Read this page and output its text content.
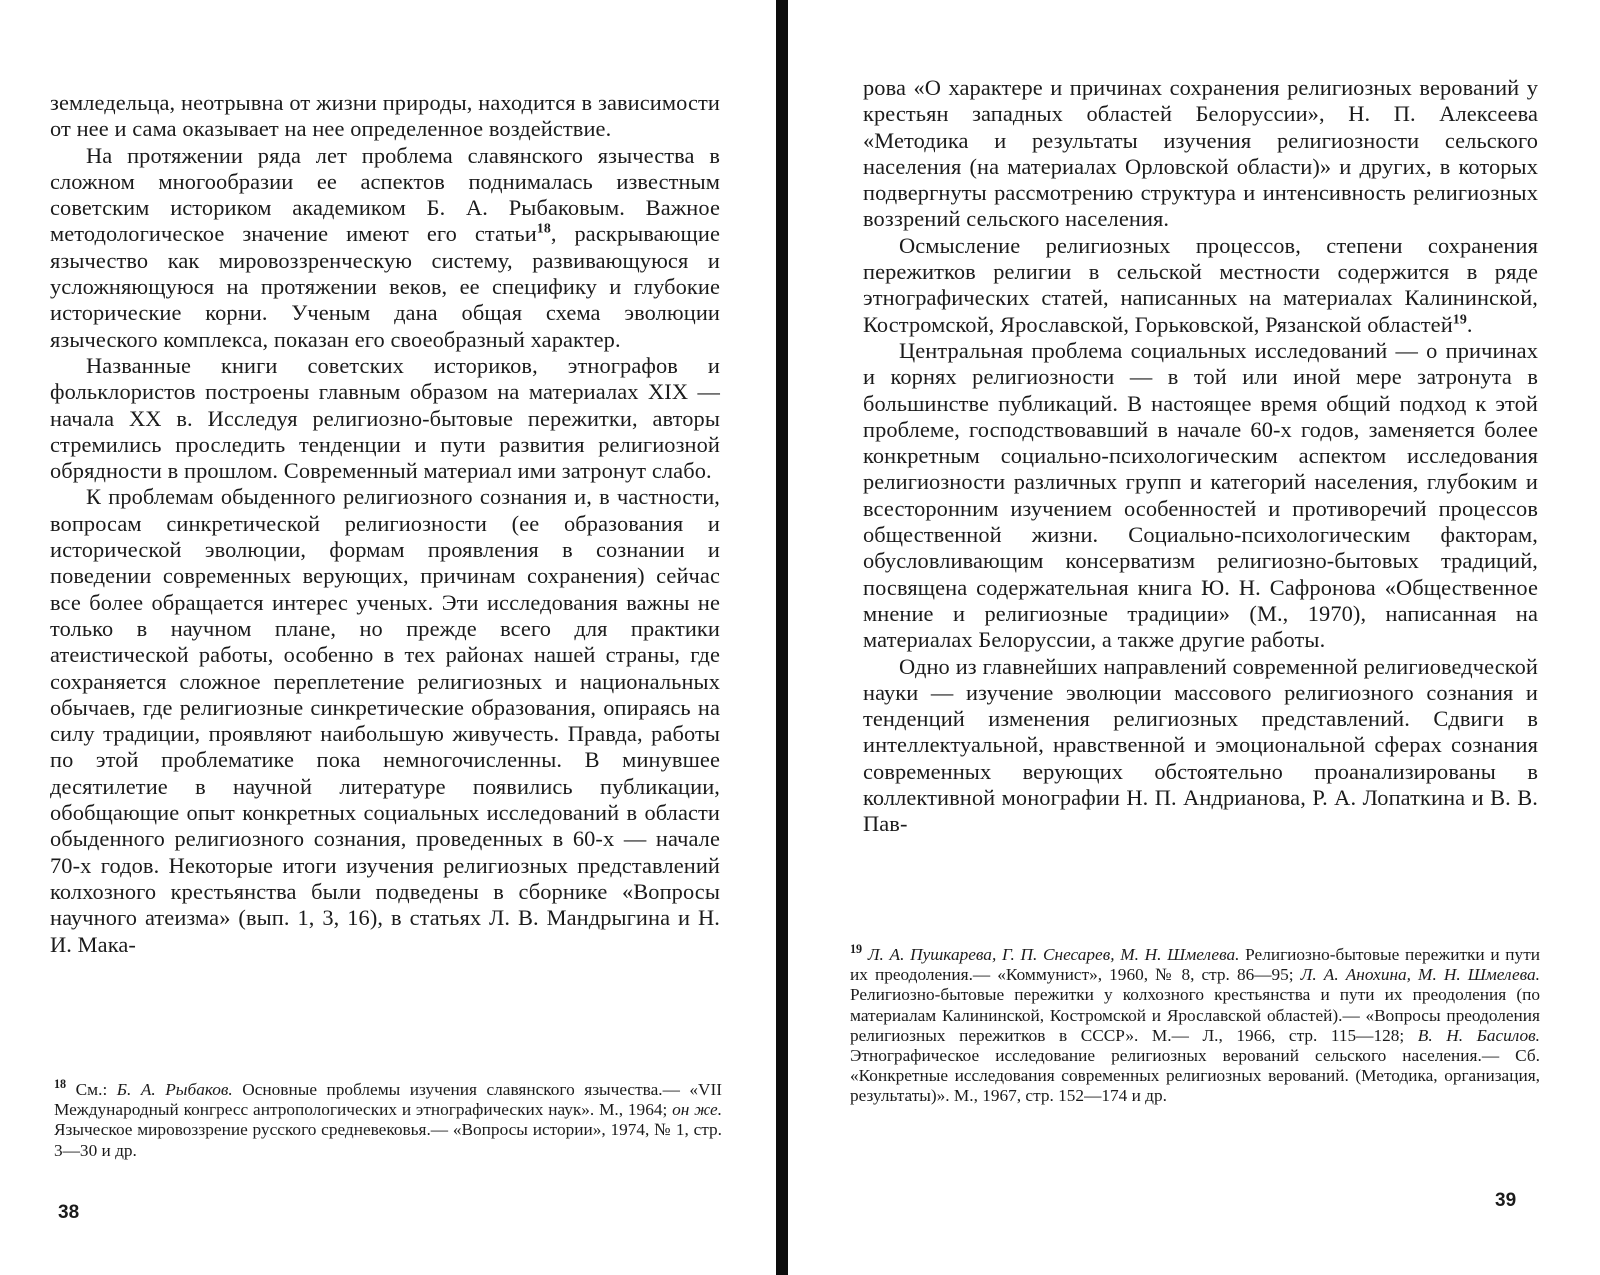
земледельца, неотрывна от жизни природы, находится в зависимости от нее и сама оказывает на нее определенное воздействие.

На протяжении ряда лет проблема славянского язычества в сложном многообразии ее аспектов поднималась известным советским историком академиком Б. А. Рыбаковым. Важное методологическое значение имеют его статьи$^{18}$, раскрывающие язычество как мировоззренческую систему, развивающуюся и усложняющуюся на протяжении веков, ее специфику и глубокие исторические корни. Ученым дана общая схема эволюции языческого комплекса, показан его своеобразный характер.

Названные книги советских историков, этнографов и фольклористов построены главным образом на материалах XIX — начала XX в. Исследуя религиозно-бытовые пережитки, авторы стремились проследить тенденции и пути развития религиозной обрядности в прошлом. Современный материал ими затронут слабо.

К проблемам обыденного религиозного сознания и, в частности, вопросам синкретической религиозности (ее образования и исторической эволюции, формам проявления в сознании и поведении современных верующих, причинам сохранения) сейчас все более обращается интерес ученых. Эти исследования важны не только в научном плане, но прежде всего для практики атеистической работы, особенно в тех районах нашей страны, где сохраняется сложное переплетение религиозных и национальных обычаев, где религиозные синкретические образования, опираясь на силу традиции, проявляют наибольшую живучесть. Правда, работы по этой проблематике пока немногочисленны. В минувшее десятилетие в научной литературе появились публикации, обобщающие опыт конкретных социальных исследований в области обыденного религиозного сознания, проведенных в 60-х — начале 70-х годов. Некоторые итоги изучения религиозных представлений колхозного крестьянства были подведены в сборнике «Вопросы научного атеизма» (вып. 1, 3, 16), в статьях Л. В. Мандрыгина и Н. И. Мака-

$^{18}$ См.: Б. А. Рыбаков. Основные проблемы изучения славянского язычества.— «VII Международный конгресс антропологических и этнографических наук». М., 1964; он же. Языческое мировоззрение русского средневековья.— «Вопросы истории», 1974, № 1, стр. 3—30 и др.

38

рова «О характере и причинах сохранения религиозных верований у крестьян западных областей Белоруссии», Н. П. Алексеева «Методика и результаты изучения религиозности сельского населения (на материалах Орловской области)» и других, в которых подвергнуты рассмотрению структура и интенсивность религиозных воззрений сельского населения.

Осмысление религиозных процессов, степени сохранения пережитков религии в сельской местности содержится в ряде этнографических статей, написанных на материалах Калининской, Костромской, Ярославской, Горьковской, Рязанской областей$^{19}$.

Центральная проблема социальных исследований — о причинах и корнях религиозности — в той или иной мере затронута в большинстве публикаций. В настоящее время общий подход к этой проблеме, господствовавший в начале 60-х годов, заменяется более конкретным социально-психологическим аспектом исследования религиозности различных групп и категорий населения, глубоким и всесторонним изучением особенностей и противоречий процессов общественной жизни. Социально-психологическим факторам, обусловливающим консерватизм религиозно-бытовых традиций, посвящена содержательная книга Ю. Н. Сафронова «Общественное мнение и религиозные традиции» (М., 1970), написанная на материалах Белоруссии, а также другие работы.

Одно из главнейших направлений современной религиоведческой науки — изучение эволюции массового религиозного сознания и тенденций изменения религиозных представлений. Сдвиги в интеллектуальной, нравственной и эмоциональной сферах сознания современных верующих обстоятельно проанализированы в коллективной монографии Н. П. Андрианова, Р. А. Лопаткина и В. В. Пав-

$^{19}$ Л. А. Пушкарева, Г. П. Снесарев, М. Н. Шмелева. Религиозно-бытовые пережитки и пути их преодоления.— «Коммунист», 1960, № 8, стр. 86—95; Л. А. Анохина, М. Н. Шмелева. Религиозно-бытовые пережитки у колхозного крестьянства и пути их преодоления (по материалам Калининской, Костромской и Ярославской областей).— «Вопросы преодоления религиозных пережитков в СССР». М.— Л., 1966, стр. 115—128; В. Н. Басилов. Этнографическое исследование религиозных верований сельского населения.— Сб. «Конкретные исследования современных религиозных верований. (Методика, организация, результаты)». М., 1967, стр. 152—174 и др.

39
